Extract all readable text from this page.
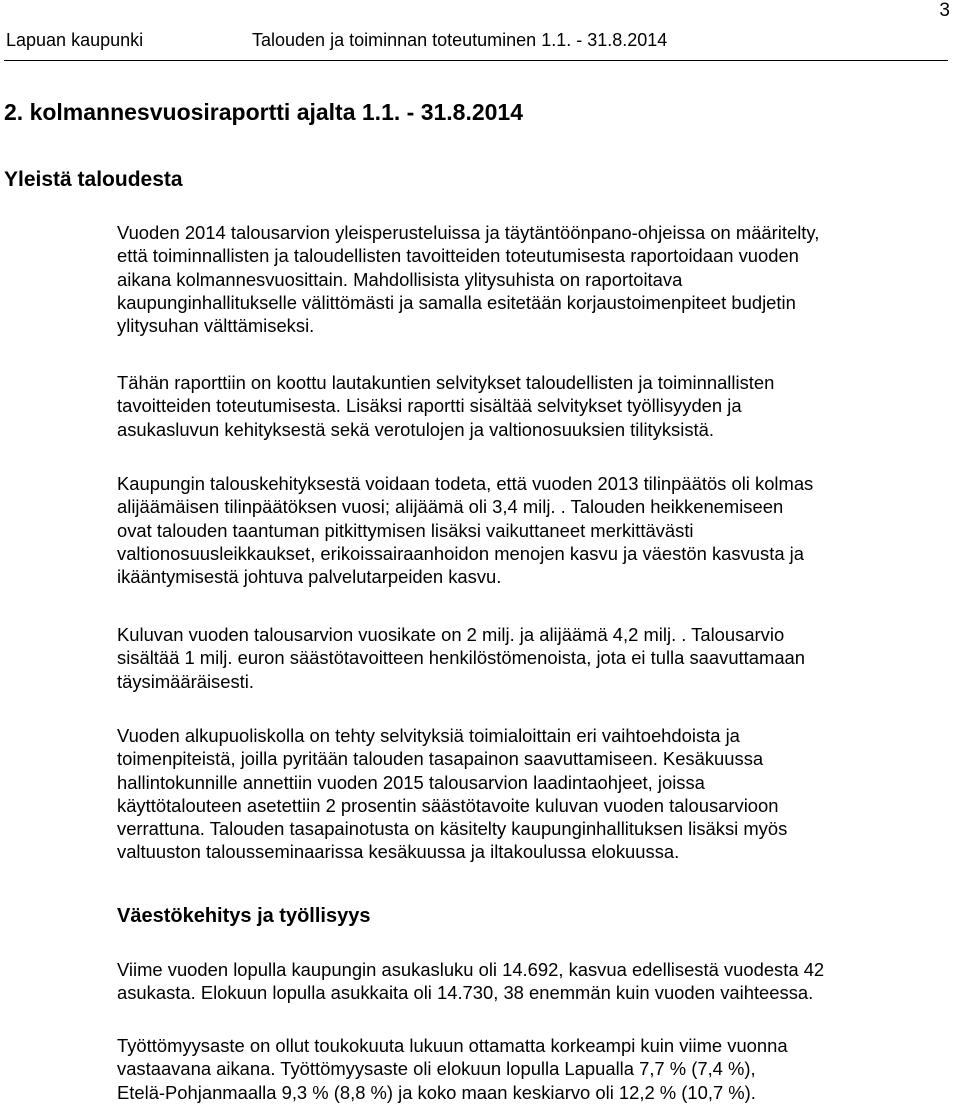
3
Lapuan kaupunki	Talouden ja toiminnan toteutuminen 1.1. - 31.8.2014
2. kolmannesvuosiraportti ajalta 1.1. - 31.8.2014
Yleistä taloudesta

Vuoden 2014 talousarvion yleisperusteluissa ja täytäntöönpano-ohjeissa on määritelty,

että toiminnallisten ja taloudellisten tavoitteiden toteutumisesta raportoidaan vuoden

aikana kolmannesvuosittain. Mahdollisista ylitysuhista on raportoitava

kaupunginhallitukselle välittömästi ja samalla esitetään korjaustoimenpiteet budjetin

ylitysuhan välttämiseksi.

Tähän raporttiin on koottu lautakuntien selvitykset taloudellisten ja toiminnallisten

tavoitteiden toteutumisesta. Lisäksi raportti sisältää selvitykset työllisyyden ja

asukasluvun kehityksestä sekä verotulojen ja valtionosuuksien tilityksistä.

Kaupungin talouskehityksestä voidaan todeta, että vuoden 2013 tilinpäätös oli kolmas

alijäämäisen tilinpäätöksen vuosi; alijäämä oli 3,4 milj. . Talouden heikkenemiseen

ovat talouden taantuman pitkittymisen lisäksi vaikuttaneet merkittävästi

valtionosuusleikkaukset, erikoissairaanhoidon menojen kasvu ja väestön kasvusta ja

ikääntymisestä johtuva palvelutarpeiden kasvu.

Kuluvan vuoden talousarvion vuosikate on 2 milj. ja alijäämä 4,2 milj. . Talousarvio

sisältää 1 milj. euron säästötavoitteen henkilöstömenoista, jota ei tulla saavuttamaan

täysimääräisesti.

Vuoden alkupuoliskolla on tehty selvityksiä toimialoittain eri vaihtoehdoista ja

toimenpiteistä, joilla pyritään talouden tasapainon saavuttamiseen. Kesäkuussa

hallintokunnille annettiin vuoden 2015 talousarvion laadintaohjeet, joissa

käyttötalouteen asetettiin 2 prosentin säästötavoite kuluvan vuoden talousarvioon

verrattuna. Talouden tasapainotusta on käsitelty kaupunginhallituksen lisäksi myös

valtuuston talousseminaarissa kesäkuussa ja iltakoulussa elokuussa.

Väestökehitys ja työllisyys

Viime vuoden lopulla kaupungin asukasluku oli 14.692, kasvua edellisestä vuodesta 42

asukasta. Elokuun lopulla asukkaita oli 14.730, 38 enemmän kuin vuoden vaihteessa.

Työttömyysaste on ollut toukokuuta lukuun ottamatta korkeampi kuin viime vuonna

vastaavana aikana. Työttömyysaste oli elokuun lopulla Lapualla 7,7 % (7,4 %),

Etelä-Pohjanmaalla 9,3 % (8,8 %) ja koko maan keskiarvo oli 12,2 % (10,7 %).
